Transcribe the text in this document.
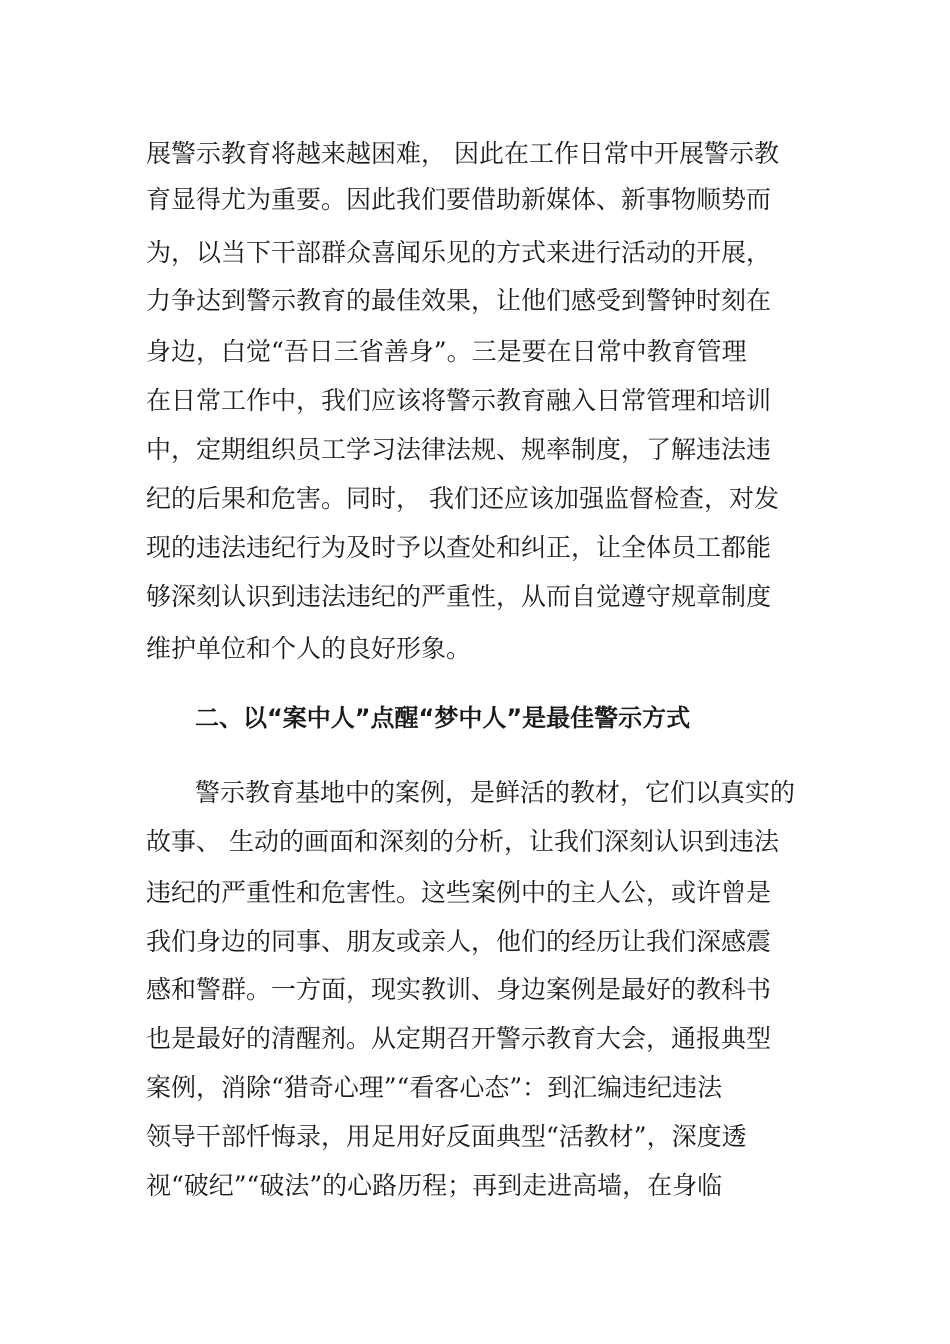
展警示教育将越来越困难， 因此在工作日常中开展警示教
育显得尤为重要。因此我们要借助新媒体、新事物顺势而
为，以当下干部群众喜闻乐见的方式来进行活动的开展，
力争达到警示教育的最佳效果，让他们感受到警钟时刻在
身边，白觉“吾日三省善身”。三是要在日常中教育管理
在日常工作中，我们应该将警示教育融入日常管理和培训
中，定期组织员工学习法律法规、规率制度，了解违法违
纪的后果和危害。同时， 我们还应该加强监督检查，对发
现的违法违纪行为及时予以查处和纠正，让全体员工都能
够深刻认识到违法违纪的严重性，从而自觉遵守规章制度
维护单位和个人的良好形象。
二、以“案中人”点醒“梦中人”是最佳警示方式
警示教育基地中的案例，是鲜活的教材，它们以真实的
故事、 生动的画面和深刻的分析，让我们深刻认识到违法
违纪的严重性和危害性。这些案例中的主人公，或许曾是
我们身边的同事、朋友或亲人，他们的经历让我们深感震
感和警群。一方面，现实教训、身边案例是最好的教科书
也是最好的清醒剂。从定期召开警示教育大会，通报典型
案例，消除“猎奇心理”“看客心态”：到汇编违纪违法
领导干部忏悔录，用足用好反面典型“活教材”，深度透
视“破纪”“破法”的心路历程；再到走进高墙，在身临
